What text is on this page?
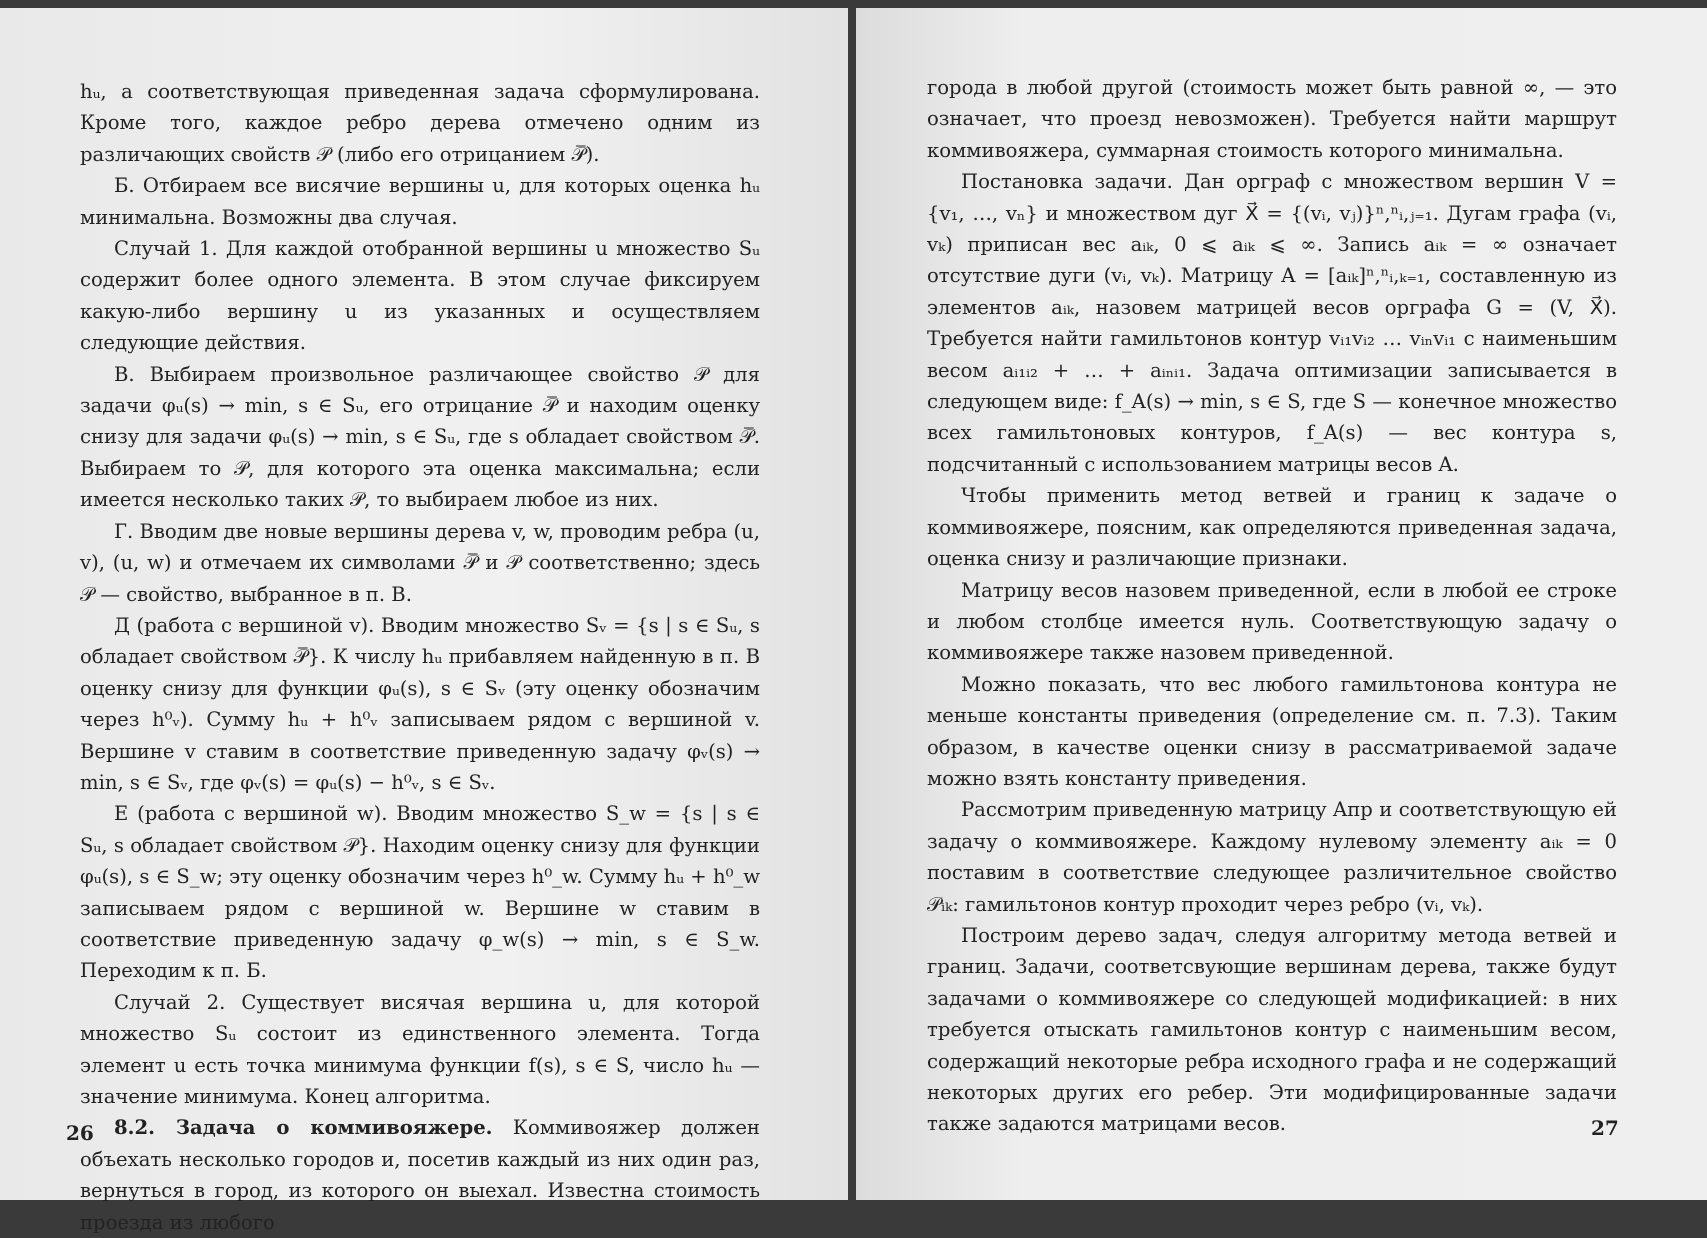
hᵤ, а соответствующая приведенная задача сформулирована. Кроме того, каждое ребро дерева отмечено одним из различающих свойств 𝒫 (либо его отрицанием 𝒫̅).

Б. Отбираем все висячие вершины u, для которых оценка hᵤ минимальна. Возможны два случая.

Случай 1. Для каждой отобранной вершины u множество Sᵤ содержит более одного элемента. В этом случае фиксируем какую-либо вершину u из указанных и осуществляем следующие действия.

В. Выбираем произвольное различающее свойство 𝒫 для задачи φᵤ(s) → min, s ∈ Sᵤ, его отрицание 𝒫̅ и находим оценку снизу для задачи φᵤ(s) → min, s ∈ Sᵤ, где s обладает свойством 𝒫̅. Выбираем то 𝒫, для которого эта оценка максимальна; если имеется несколько таких 𝒫, то выбираем любое из них.

Г. Вводим две новые вершины дерева v, w, проводим ребра (u, v), (u, w) и отмечаем их символами 𝒫̅ и 𝒫 соответственно; здесь 𝒫 — свойство, выбранное в п. В.

Д (работа с вершиной v). Вводим множество Sᵥ = {s | s ∈ Sᵤ, s обладает свойством 𝒫̅}. К числу hᵤ прибавляем найденную в п. В оценку снизу для функции φᵤ(s), s ∈ Sᵥ (эту оценку обозначим через h⁰ᵥ). Сумму hᵤ + h⁰ᵥ записываем рядом с вершиной v. Вершине v ставим в соответствие приведенную задачу φᵥ(s) → min, s ∈ Sᵥ, где φᵥ(s) = φᵤ(s) − h⁰ᵥ, s ∈ Sᵥ.

Е (работа с вершиной w). Вводим множество S_w = {s | s ∈ Sᵤ, s обладает свойством 𝒫}. Находим оценку снизу для функции φᵤ(s), s ∈ S_w; эту оценку обозначим через h⁰_w. Сумму hᵤ + h⁰_w записываем рядом с вершиной w. Вершине w ставим в соответствие приведенную задачу φ_w(s) → min, s ∈ S_w. Переходим к п. Б.

Случай 2. Существует висячая вершина u, для которой множество Sᵤ состоит из единственного элемента. Тогда элемент u есть точка минимума функции f(s), s ∈ S, число hᵤ — значение минимума. Конец алгоритма.

8.2. Задача о коммивояжере. Коммивояжер должен объехать несколько городов и, посетив каждый из них один раз, вернуться в город, из которого он выехал. Известна стоимость проезда из любого

26

города в любой другой (стоимость может быть равной ∞, — это означает, что проезд невозможен). Требуется найти маршрут коммивояжера, суммарная стоимость которого минимальна.

Постановка задачи. Дан орграф с множеством вершин V = {v₁, …, vₙ} и множеством дуг X⃗ = {(vᵢ, vⱼ)}ⁿ,ⁿᵢ,ⱼ₌₁. Дугам графа (vᵢ, vₖ) приписан вес aᵢₖ, 0 ⩽ aᵢₖ ⩽ ∞. Запись aᵢₖ = ∞ означает отсутствие дуги (vᵢ, vₖ). Матрицу A = [aᵢₖ]ⁿ,ⁿᵢ,ₖ₌₁, составленную из элементов aᵢₖ, назовем матрицей весов орграфа G = (V, X⃗). Требуется найти гамильтонов контур vᵢ₁vᵢ₂ … vᵢₙvᵢ₁ с наименьшим весом aᵢ₁ᵢ₂ + … + aᵢₙᵢ₁. Задача оптимизации записывается в следующем виде: f_A(s) → min, s ∈ S, где S — конечное множество всех гамильтоновых контуров, f_A(s) — вес контура s, подсчитанный с использованием матрицы весов A.

Чтобы применить метод ветвей и границ к задаче о коммивояжере, поясним, как определяются приведенная задача, оценка снизу и различающие признаки.

Матрицу весов назовем приведенной, если в любой ее строке и любом столбце имеется нуль. Соответствующую задачу о коммивояжере также назовем приведенной.

Можно показать, что вес любого гамильтонова контура не меньше константы приведения (определение см. п. 7.3). Таким образом, в качестве оценки снизу в рассматриваемой задаче можно взять константу приведения.

Рассмотрим приведенную матрицу Aпр и соответствующую ей задачу о коммивояжере. Каждому нулевому элементу aᵢₖ = 0 поставим в соответствие следующее различительное свойство 𝒫ᵢₖ: гамильтонов контур проходит через ребро (vᵢ, vₖ).

Построим дерево задач, следуя алгоритму метода ветвей и границ. Задачи, соответсвующие вершинам дерева, также будут задачами о коммивояжере со следующей модификацией: в них требуется отыскать гамильтонов контур с наименьшим весом, содержащий некоторые ребра исходного графа и не содержащий некоторых других его ребер. Эти модифицированные задачи также задаются матрицами весов.	27
